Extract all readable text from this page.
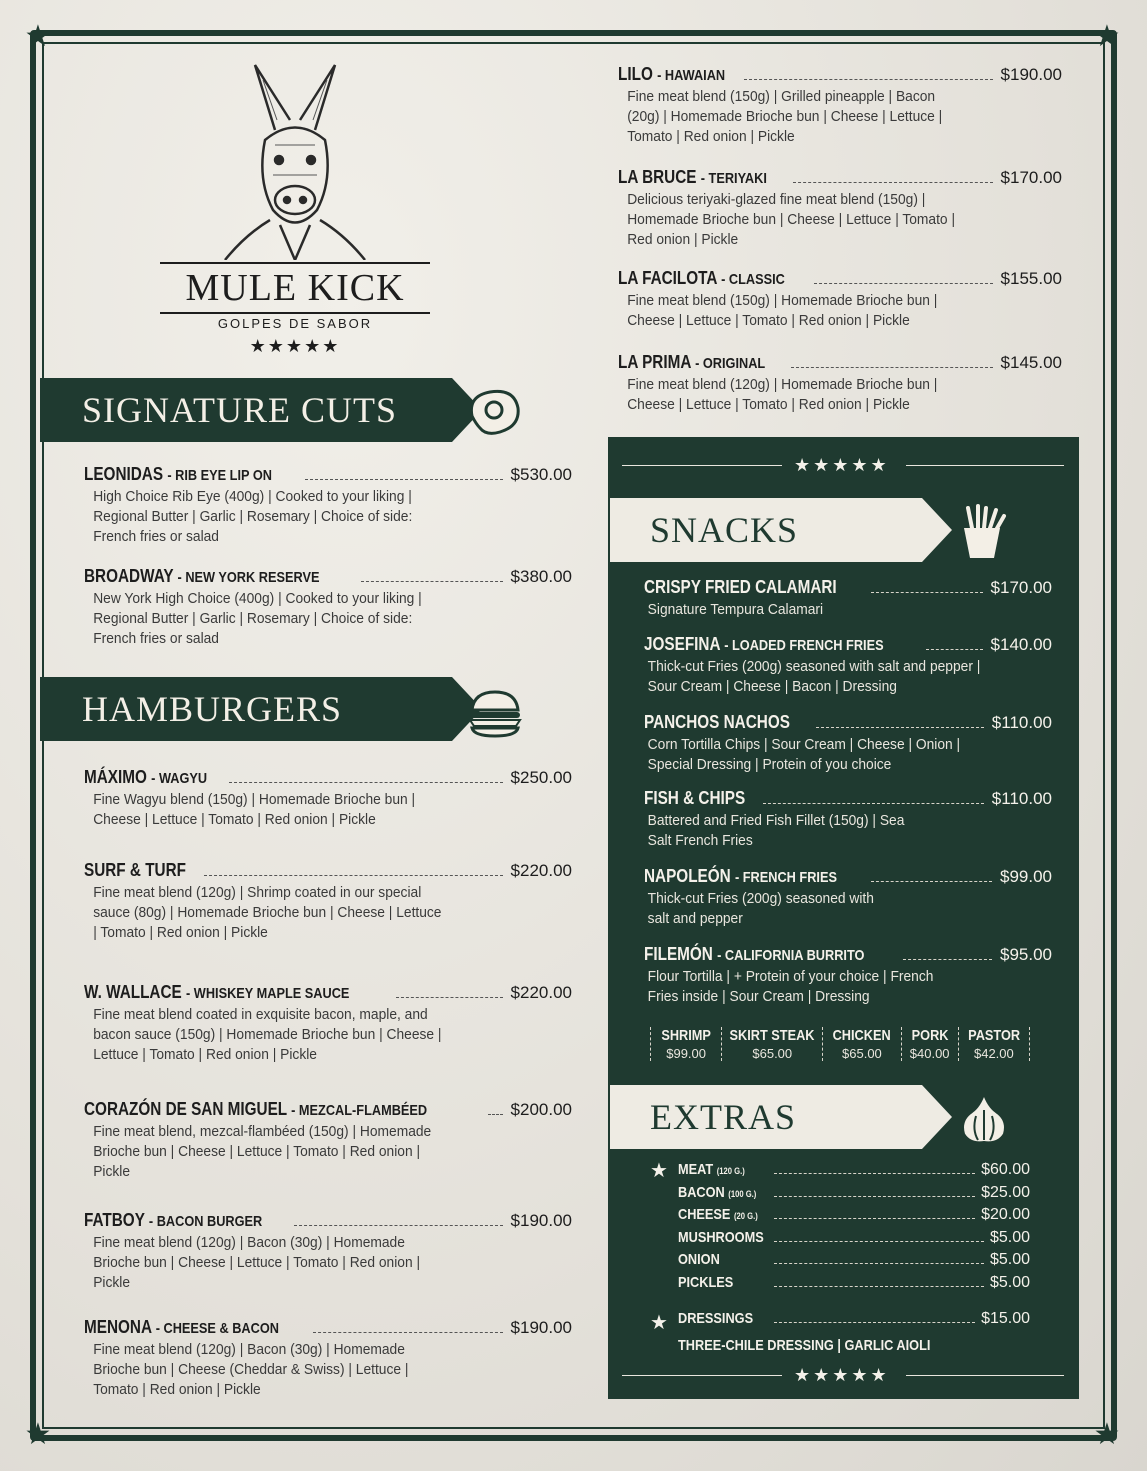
★	★
★	★
MULE KICK
GOLPES DE SABOR
★★★★★
SIGNATURE CUTS
LEONIDAS - RIB EYE LIP ON	$530.00
High Choice Rib Eye (400g) | Cooked to your liking | Regional Butter | Garlic | Rosemary | Choice of side: French fries or salad
BROADWAY - NEW YORK RESERVE	$380.00
New York High Choice (400g) | Cooked to your liking | Regional Butter | Garlic | Rosemary | Choice of side: French fries or salad
HAMBURGERS
MÁXIMO - WAGYU	$250.00
Fine Wagyu blend (150g) | Homemade Brioche bun | Cheese | Lettuce | Tomato | Red onion | Pickle
SURF & TURF	$220.00
Fine meat blend (120g) | Shrimp coated in our special sauce (80g) | Homemade Brioche bun | Cheese | Lettuce | Tomato | Red onion | Pickle
W. WALLACE - WHISKEY MAPLE SAUCE	$220.00
Fine meat blend coated in exquisite bacon, maple, and bacon sauce (150g) | Homemade Brioche bun | Cheese | Lettuce | Tomato | Red onion | Pickle
CORAZÓN DE SAN MIGUEL - MEZCAL-FLAMBÉED	$200.00
Fine meat blend, mezcal-flambéed (150g) | Homemade Brioche bun | Cheese | Lettuce | Tomato | Red onion | Pickle
FATBOY - BACON BURGER	$190.00
Fine meat blend (120g) | Bacon (30g) | Homemade Brioche bun | Cheese | Lettuce | Tomato | Red onion | Pickle
MENONA - CHEESE & BACON	$190.00
Fine meat blend (120g) | Bacon (30g) | Homemade Brioche bun | Cheese (Cheddar & Swiss) | Lettuce | Tomato | Red onion | Pickle
LILO - HAWAIAN	$190.00
Fine meat blend (150g) | Grilled pineapple | Bacon (20g) | Homemade Brioche bun | Cheese | Lettuce | Tomato | Red onion | Pickle
LA BRUCE - TERIYAKI	$170.00
Delicious teriyaki-glazed fine meat blend (150g) | Homemade Brioche bun | Cheese | Lettuce | Tomato | Red onion | Pickle
LA FACILOTA - CLASSIC	$155.00
Fine meat blend (150g) | Homemade Brioche bun | Cheese | Lettuce | Tomato | Red onion | Pickle
LA PRIMA - ORIGINAL	$145.00
Fine meat blend (120g) | Homemade Brioche bun | Cheese | Lettuce | Tomato | Red onion | Pickle
★★★★★
★★★★★
SNACKS
CRISPY FRIED CALAMARI	$170.00
Signature Tempura Calamari
JOSEFINA - LOADED FRENCH FRIES	$140.00
Thick-cut Fries (200g) seasoned with salt and pepper | Sour Cream | Cheese | Bacon | Dressing
PANCHOS NACHOS	$110.00
Corn Tortilla Chips | Sour Cream | Cheese | Onion | Special Dressing | Protein of you choice
FISH & CHIPS	$110.00
Battered and Fried Fish Fillet (150g) | Sea Salt French Fries
NAPOLEÓN - FRENCH FRIES	$99.00
Thick-cut Fries (200g) seasoned with salt and pepper
FILEMÓN - CALIFORNIA BURRITO	$95.00
Flour Tortilla | + Protein of your choice | French Fries inside | Sour Cream | Dressing
SHRIMP
$99.00
SKIRT STEAK
$65.00
CHICKEN
$65.00
PORK
$40.00
PASTOR
$42.00
EXTRAS
★ MEAT (120 G.)	$60.00
BACON (100 G.)	$25.00
CHEESE (20 G.)	$20.00
MUSHROOMS	$5.00
ONION	$5.00
PICKLES	$5.00
★ DRESSINGS	$15.00
THREE-CHILE DRESSING | GARLIC AIOLI
